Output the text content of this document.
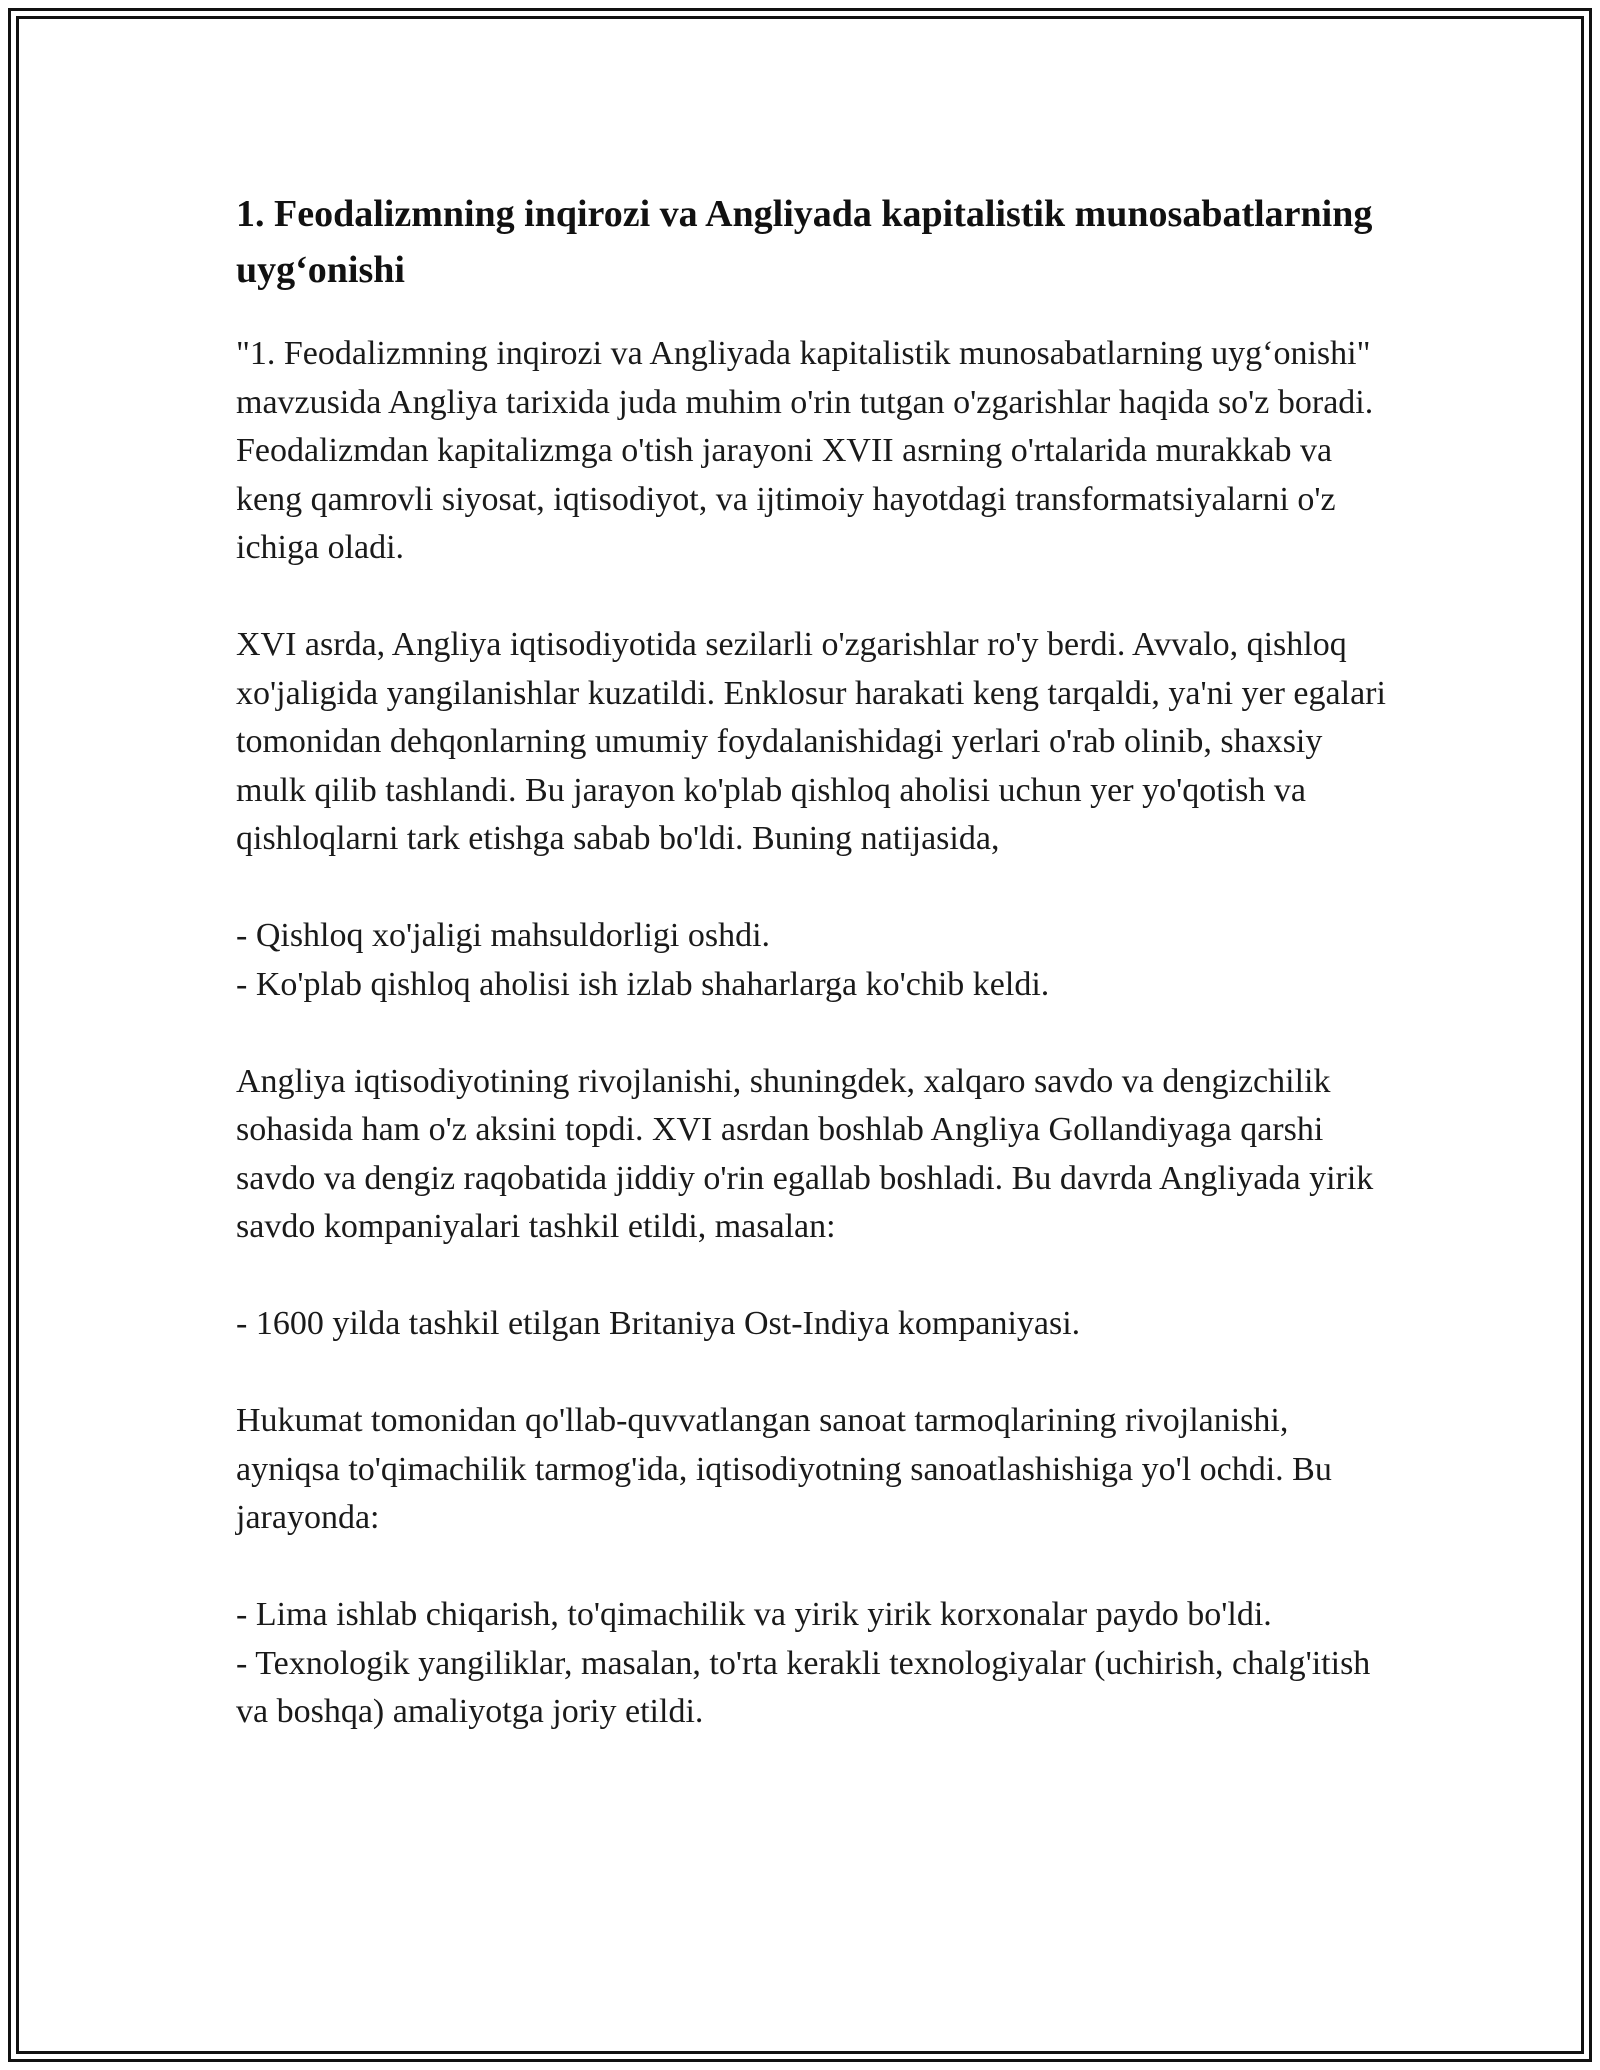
1. Feodalizmning inqirozi va Angliyada kapitalistik munosabatlarning uyg‘onishi

"1. Feodalizmning inqirozi va Angliyada kapitalistik munosabatlarning uyg‘onishi" mavzusida Angliya tarixida juda muhim o'rin tutgan o'zgarishlar haqida so'z boradi. Feodalizmdan kapitalizmga o'tish jarayoni XVII asrning o'rtalarida murakkab va keng qamrovli siyosat, iqtisodiyot, va ijtimoiy hayotdagi transformatsiyalarni o'z ichiga oladi.

XVI asrda, Angliya iqtisodiyotida sezilarli o'zgarishlar ro'y berdi. Avvalo, qishloq xo'jaligida yangilanishlar kuzatildi. Enklosur harakati keng tarqaldi, ya'ni yer egalari tomonidan dehqonlarning umumiy foydalanishidagi yerlari o'rab olinib, shaxsiy mulk qilib tashlandi. Bu jarayon ko'plab qishloq aholisi uchun yer yo'qotish va qishloqlarni tark etishga sabab bo'ldi. Buning natijasida,

- Qishloq xo'jaligi mahsuldorligi oshdi.

- Ko'plab qishloq aholisi ish izlab shaharlarga ko'chib keldi.

Angliya iqtisodiyotining rivojlanishi, shuningdek, xalqaro savdo va dengizchilik sohasida ham o'z aksini topdi. XVI asrdan boshlab Angliya Gollandiyaga qarshi savdo va dengiz raqobatida jiddiy o'rin egallab boshladi. Bu davrda Angliyada yirik savdo kompaniyalari tashkil etildi, masalan:

- 1600 yilda tashkil etilgan Britaniya Ost-Indiya kompaniyasi.

Hukumat tomonidan qo'llab-quvvatlangan sanoat tarmoqlarining rivojlanishi, ayniqsa to'qimachilik tarmog'ida, iqtisodiyotning sanoatlashishiga yo'l ochdi. Bu jarayonda:

- Lima ishlab chiqarish, to'qimachilik va yirik yirik korxonalar paydo bo'ldi.

- Texnologik yangiliklar, masalan, to'rta kerakli texnologiyalar (uchirish, chalg'itish va boshqa) amaliyotga joriy etildi.
